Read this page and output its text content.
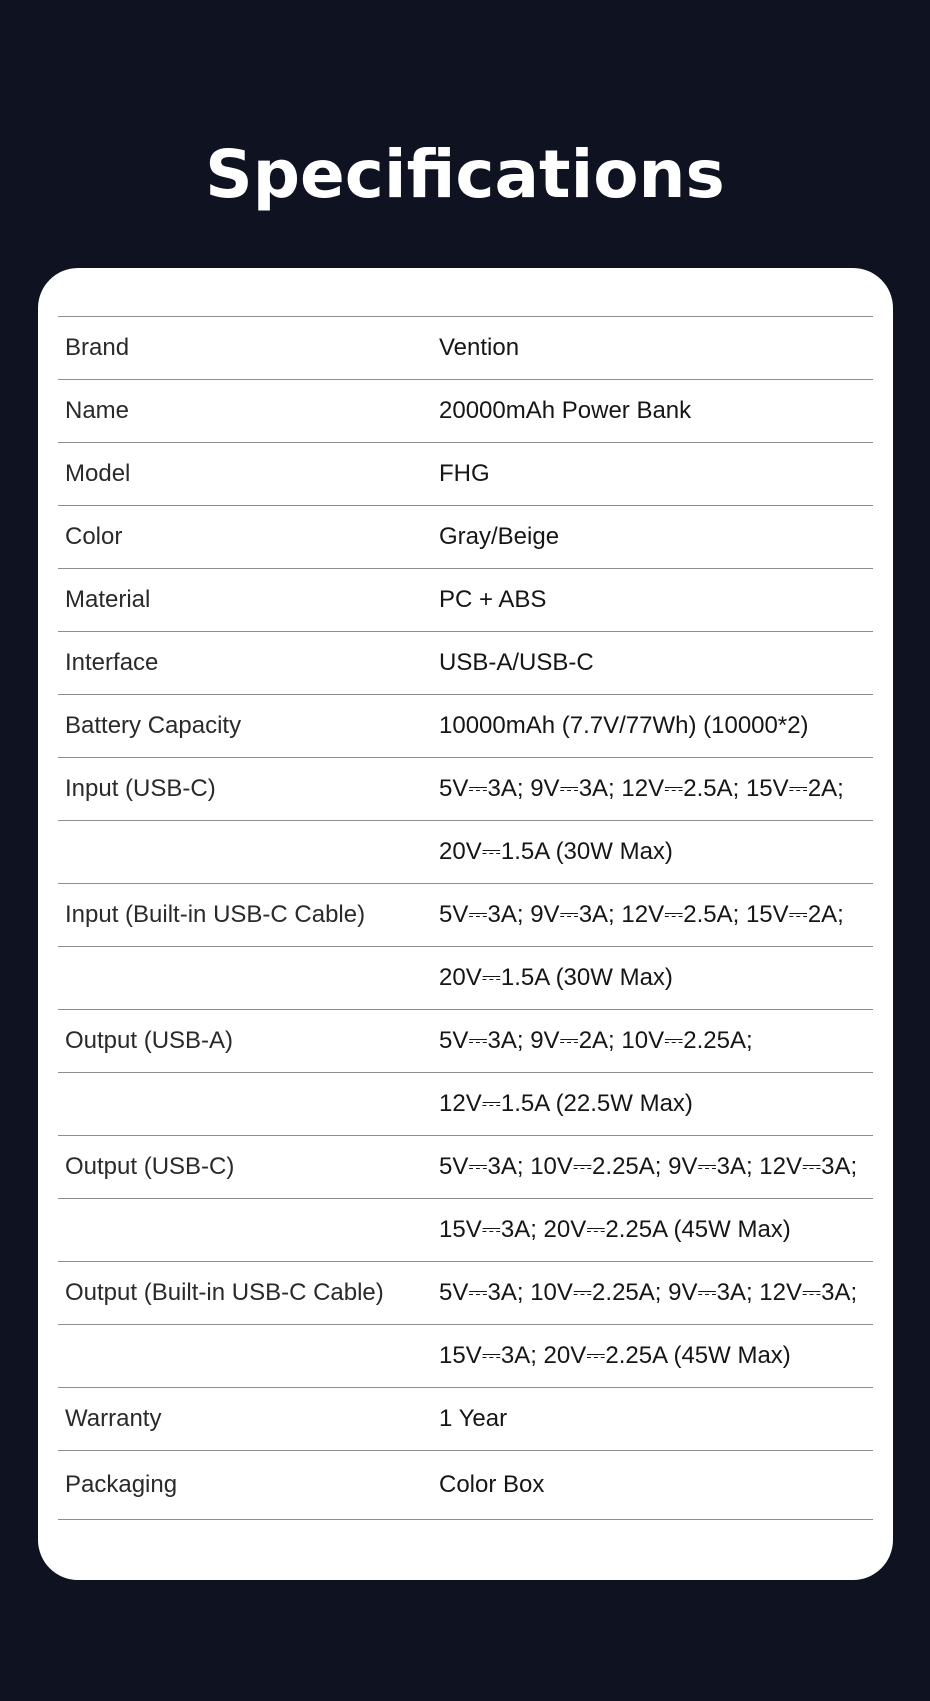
Specifications
Brand	Vention
Name	20000mAh Power Bank
Model	FHG
Color	Gray/Beige
Material	PC + ABS
Interface	USB-A/USB-C
Battery Capacity	10000mAh (7.7V/77Wh) (10000*2)
Input (USB-C)	5V⎓3A; 9V⎓3A; 12V⎓2.5A; 15V⎓2A;
20V⎓1.5A (30W Max)
Input (Built-in USB-C Cable)	5V⎓3A; 9V⎓3A; 12V⎓2.5A; 15V⎓2A;
20V⎓1.5A (30W Max)
Output (USB-A)	5V⎓3A; 9V⎓2A; 10V⎓2.25A;
12V⎓1.5A (22.5W Max)
Output (USB-C)	5V⎓3A; 10V⎓2.25A; 9V⎓3A; 12V⎓3A;
15V⎓3A; 20V⎓2.25A (45W Max)
Output (Built-in USB-C Cable)	5V⎓3A; 10V⎓2.25A; 9V⎓3A; 12V⎓3A;
15V⎓3A; 20V⎓2.25A (45W Max)
Warranty	1 Year
Packaging	Color Box
